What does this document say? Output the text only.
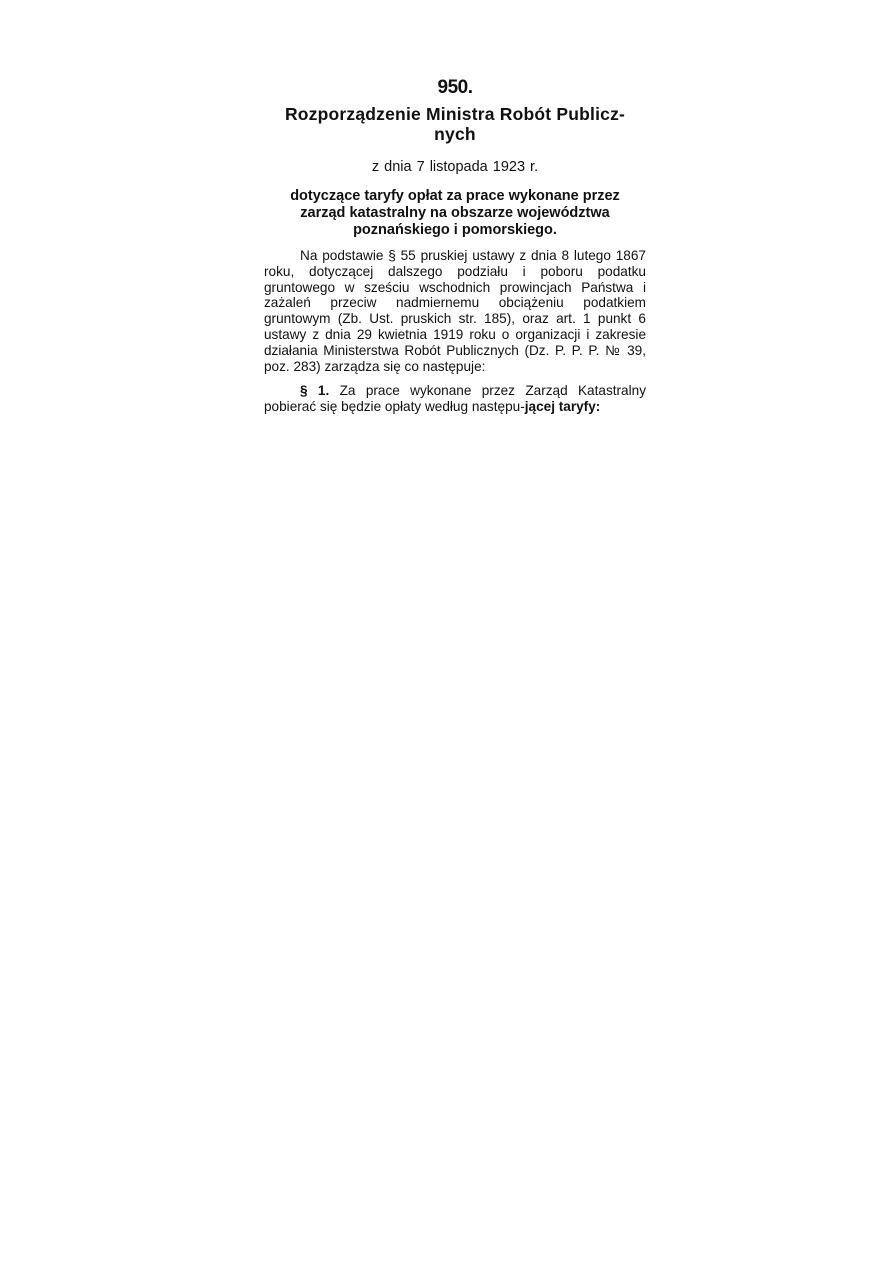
950.
Rozporządzenie Ministra Robót Publicz-
nych
z dnia 7 listopada 1923 r.
dotyczące taryfy opłat za prace wykonane przez
zarząd katastralny na obszarze województwa
poznańskiego i pomorskiego.

Na podstawie § 55 pruskiej ustawy z dnia 8 lutego 1867 roku, dotyczącej dalszego podziału i poboru podatku gruntowego w sześciu wschodnich prowincjach Państwa i zażaleń przeciw nadmiernemu obciążeniu podatkiem gruntowym (Zb. Ust. pruskich str. 185), oraz art. 1 punkt 6 ustawy z dnia 29 kwietnia 1919 roku o organizacji i zakresie działania Ministerstwa Robót Publicznych (Dz. P. P. P. № 39, poz. 283) zarządza się co następuje:

§ 1. Za prace wykonane przez Zarząd Katastralny pobierać się będzie opłaty według następu-jącej taryfy:
